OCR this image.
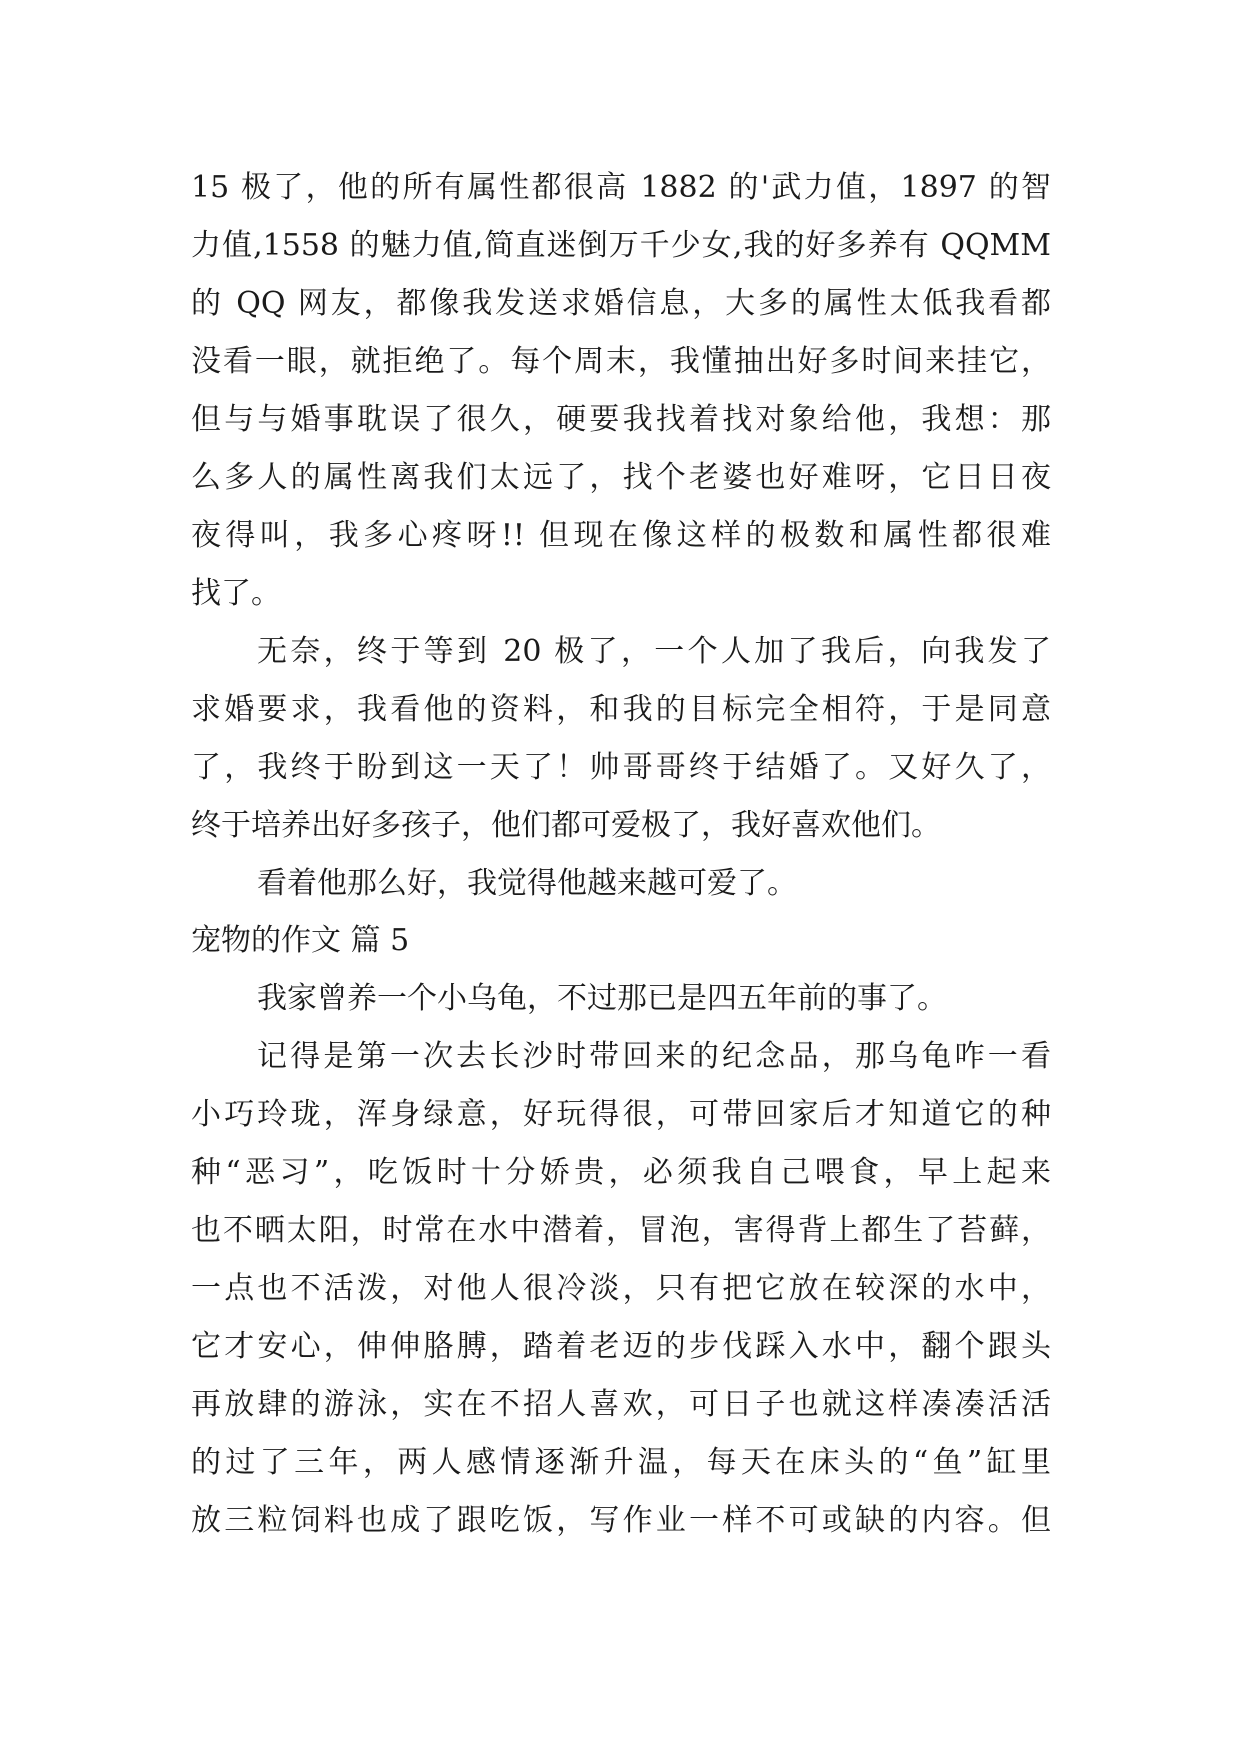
15 极了，他的所有属性都很高 1882 的'武力值，1897 的智
力值,1558 的魅力值,简直迷倒万千少女,我的好多养有 QQMM
的 QQ 网友，都像我发送求婚信息，大多的属性太低我看都
没看一眼，就拒绝了。每个周末，我懂抽出好多时间来挂它，
但与与婚事耽误了很久，硬要我找着找对象给他，我想：那
么多人的属性离我们太远了，找个老婆也好难呀，它日日夜
夜得叫，我多心疼呀!! 但现在像这样的极数和属性都很难
找了。
无奈，终于等到 20 极了，一个人加了我后，向我发了
求婚要求，我看他的资料，和我的目标完全相符，于是同意
了，我终于盼到这一天了！帅哥哥终于结婚了。又好久了，
终于培养出好多孩子，他们都可爱极了，我好喜欢他们。
看着他那么好，我觉得他越来越可爱了。
宠物的作文 篇 5
我家曾养一个小乌龟，不过那已是四五年前的事了。
记得是第一次去长沙时带回来的纪念品，那乌龟咋一看
小巧玲珑，浑身绿意，好玩得很，可带回家后才知道它的种
种“恶习”，吃饭时十分娇贵，必须我自己喂食，早上起来
也不晒太阳，时常在水中潜着，冒泡，害得背上都生了苔藓，
一点也不活泼，对他人很冷淡，只有把它放在较深的水中，
它才安心，伸伸胳膊，踏着老迈的步伐踩入水中，翻个跟头
再放肆的游泳，实在不招人喜欢，可日子也就这样凑凑活活
的过了三年，两人感情逐渐升温，每天在床头的“鱼”缸里
放三粒饲料也成了跟吃饭，写作业一样不可或缺的内容。但
